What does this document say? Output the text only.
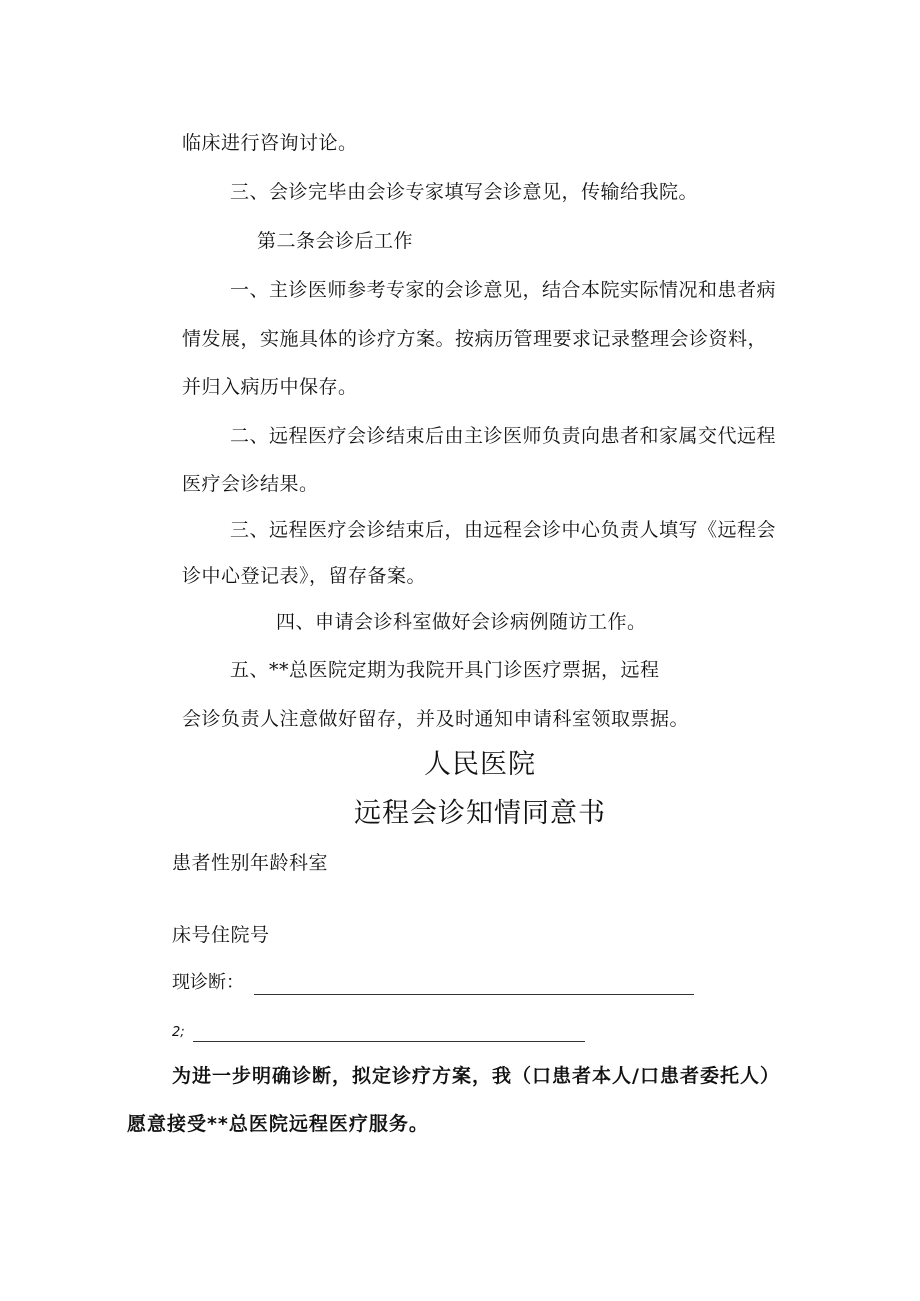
临床进行咨询讨论。
三、会诊完毕由会诊专家填写会诊意见，传输给我院。
第二条会诊后工作
一、主诊医师参考专家的会诊意见，结合本院实际情况和患者病
情发展，实施具体的诊疗方案。按病历管理要求记录整理会诊资料，
并归入病历中保存。
二、远程医疗会诊结束后由主诊医师负责向患者和家属交代远程
医疗会诊结果。
三、远程医疗会诊结束后，由远程会诊中心负责人填写《远程会
诊中心登记表》，留存备案。
四、申请会诊科室做好会诊病例随访工作。
五、**总医院定期为我院开具门诊医疗票据，远程
会诊负责人注意做好留存，并及时通知申请科室领取票据。
人民医院
远程会诊知情同意书
患者性别年龄科室
床号住院号
现诊断：
2;
为进一步明确诊断，拟定诊疗方案，我（口患者本人/口患者委托人）
愿意接受**总医院远程医疗服务。
